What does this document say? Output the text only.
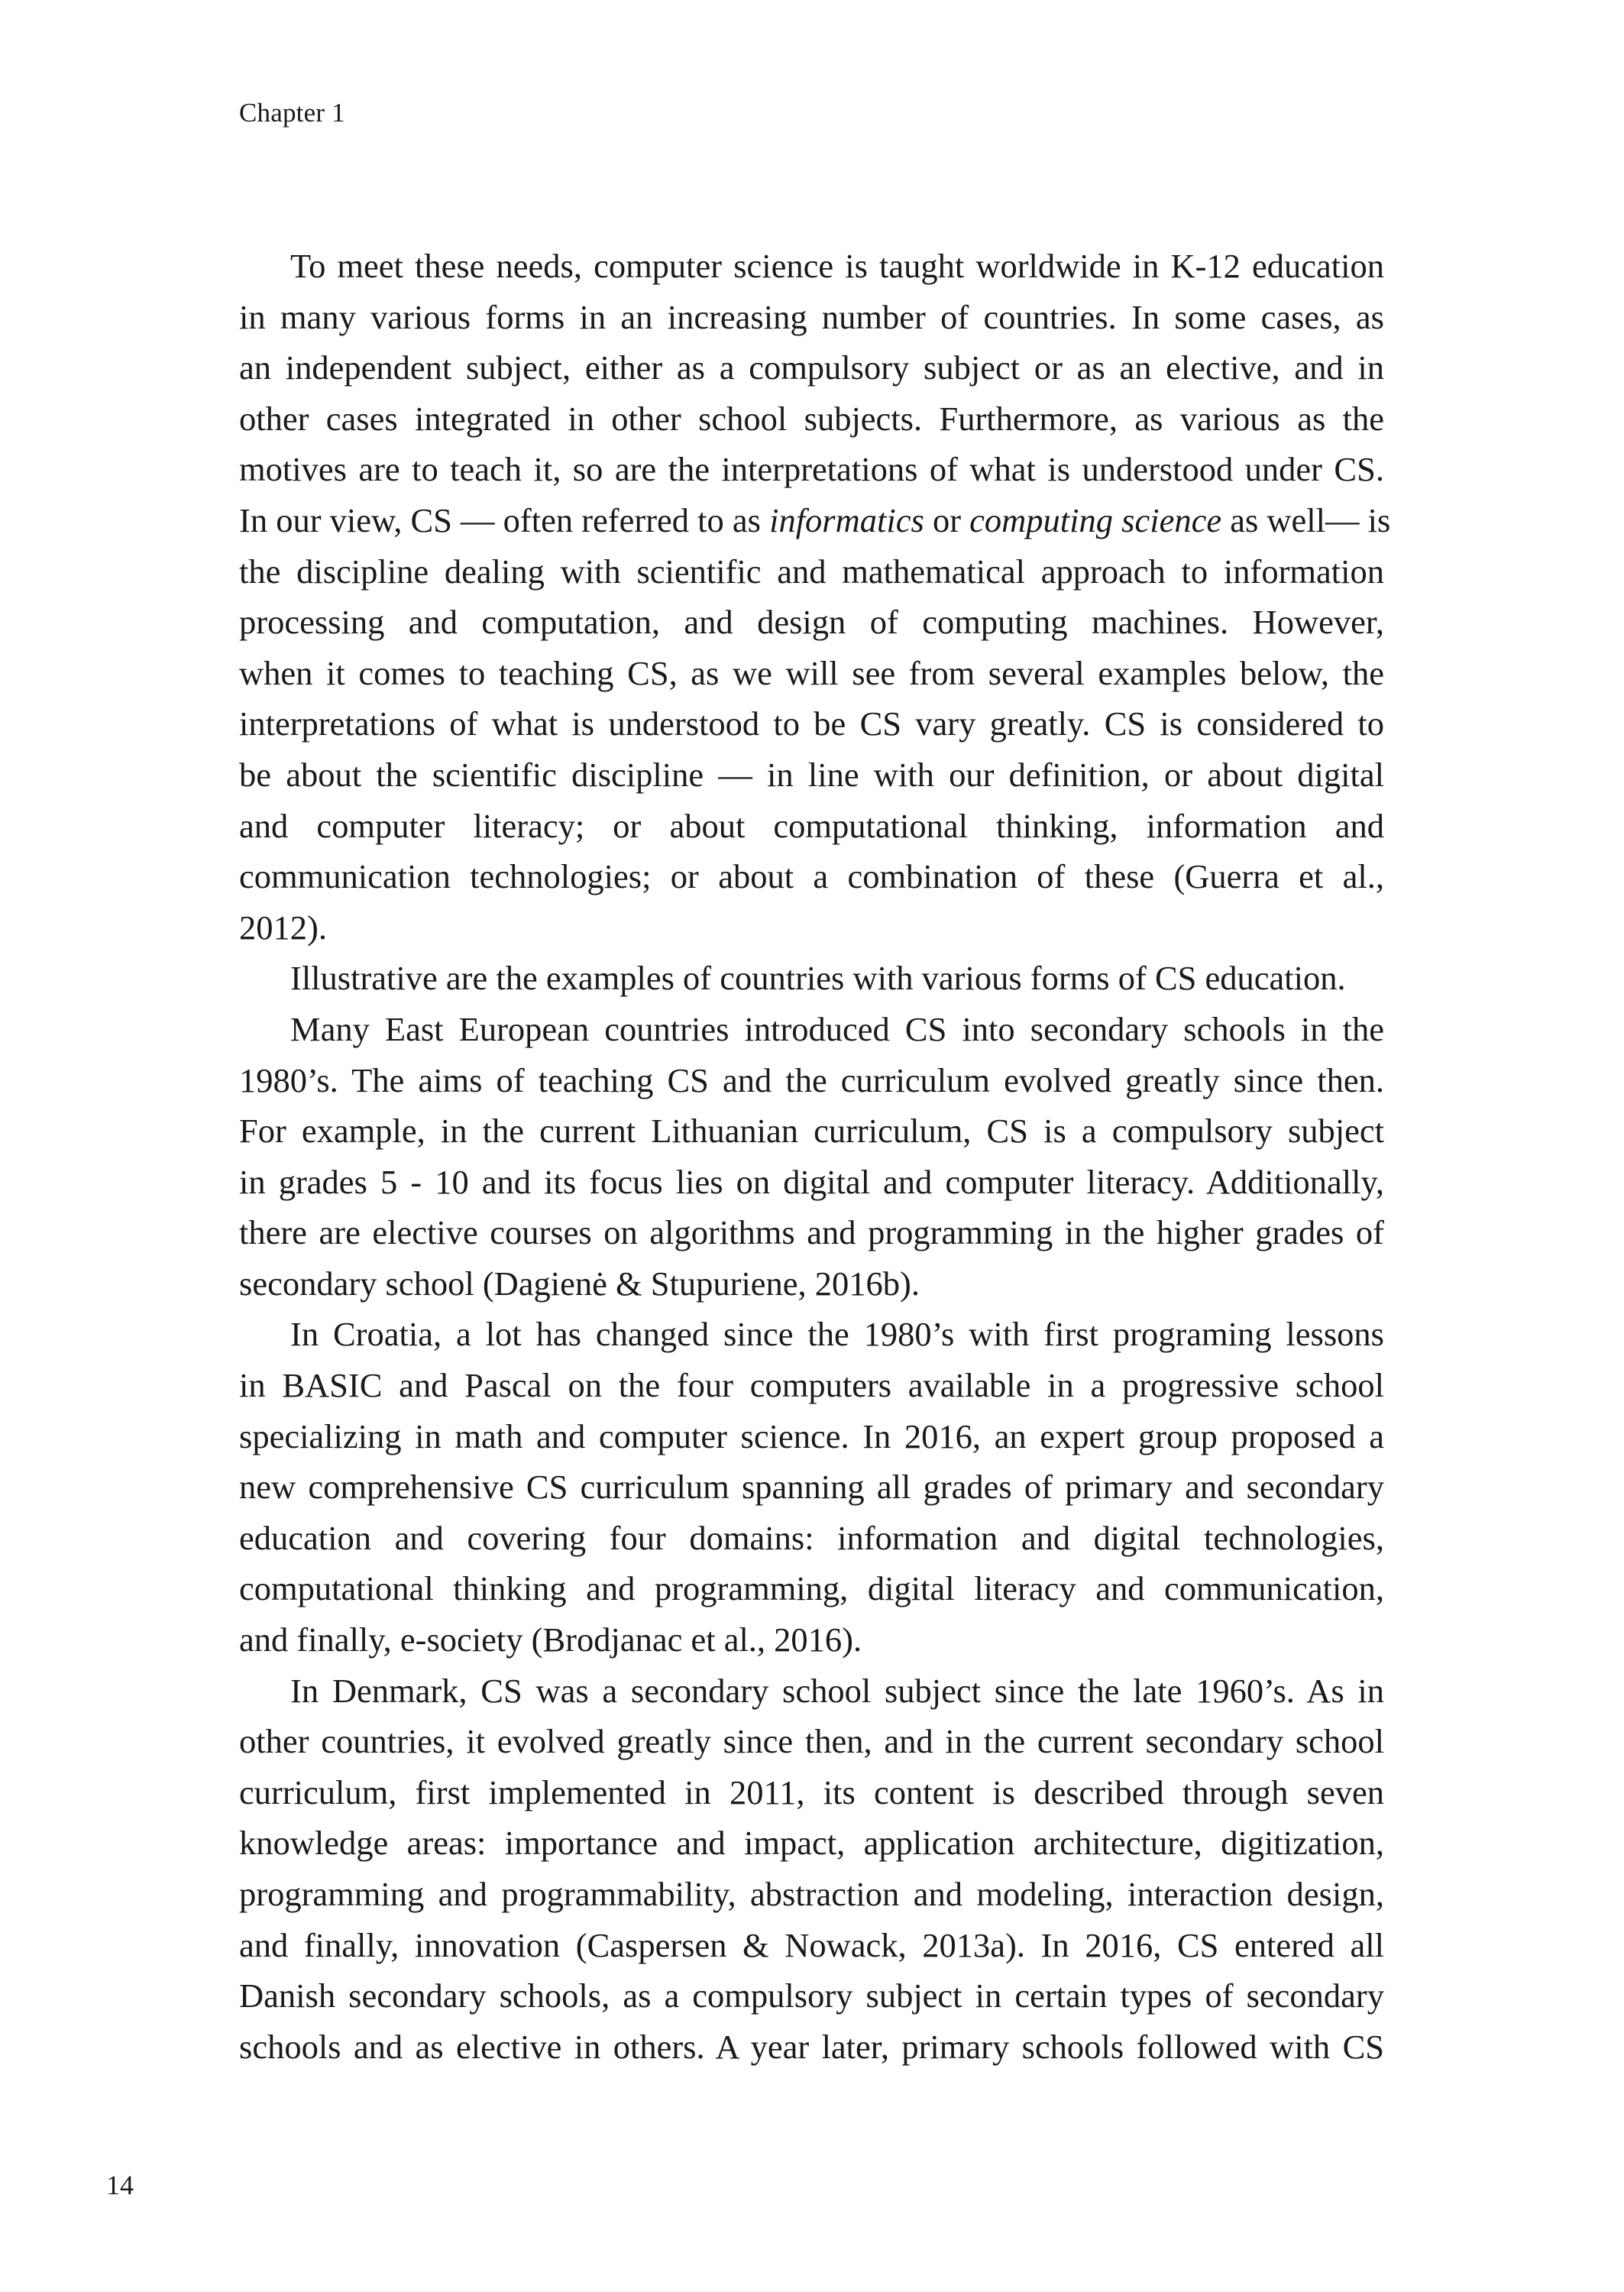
Chapter 1
To meet these needs, computer science is taught worldwide in K-12 education
in many various forms in an increasing number of countries. In some cases, as
an independent subject, either as a compulsory subject or as an elective, and in
other cases integrated in other school subjects. Furthermore, as various as the
motives are to teach it, so are the interpretations of what is understood under CS.
In our view, CS — often referred to as informatics or computing science as well— is
the discipline dealing with scientific and mathematical approach to information
processing and computation, and design of computing machines. However,
when it comes to teaching CS, as we will see from several examples below, the
interpretations of what is understood to be CS vary greatly. CS is considered to
be about the scientific discipline — in line with our definition, or about digital
and computer literacy; or about computational thinking, information and
communication technologies; or about a combination of these (Guerra et al.,
2012).
Illustrative are the examples of countries with various forms of CS education.
Many East European countries introduced CS into secondary schools in the
1980’s. The aims of teaching CS and the curriculum evolved greatly since then.
For example, in the current Lithuanian curriculum, CS is a compulsory subject
in grades 5 - 10 and its focus lies on digital and computer literacy. Additionally,
there are elective courses on algorithms and programming in the higher grades of
secondary school (Dagienė & Stupuriene, 2016b).
In Croatia, a lot has changed since the 1980’s with first programing lessons
in BASIC and Pascal on the four computers available in a progressive school
specializing in math and computer science. In 2016, an expert group proposed a
new comprehensive CS curriculum spanning all grades of primary and secondary
education and covering four domains: information and digital technologies,
computational thinking and programming, digital literacy and communication,
and finally, e-society (Brodjanac et al., 2016).
In Denmark, CS was a secondary school subject since the late 1960’s. As in
other countries, it evolved greatly since then, and in the current secondary school
curriculum, first implemented in 2011, its content is described through seven
knowledge areas: importance and impact, application architecture, digitization,
programming and programmability, abstraction and modeling, interaction design,
and finally, innovation (Caspersen & Nowack, 2013a). In 2016, CS entered all
Danish secondary schools, as a compulsory subject in certain types of secondary
schools and as elective in others. A year later, primary schools followed with CS
14
